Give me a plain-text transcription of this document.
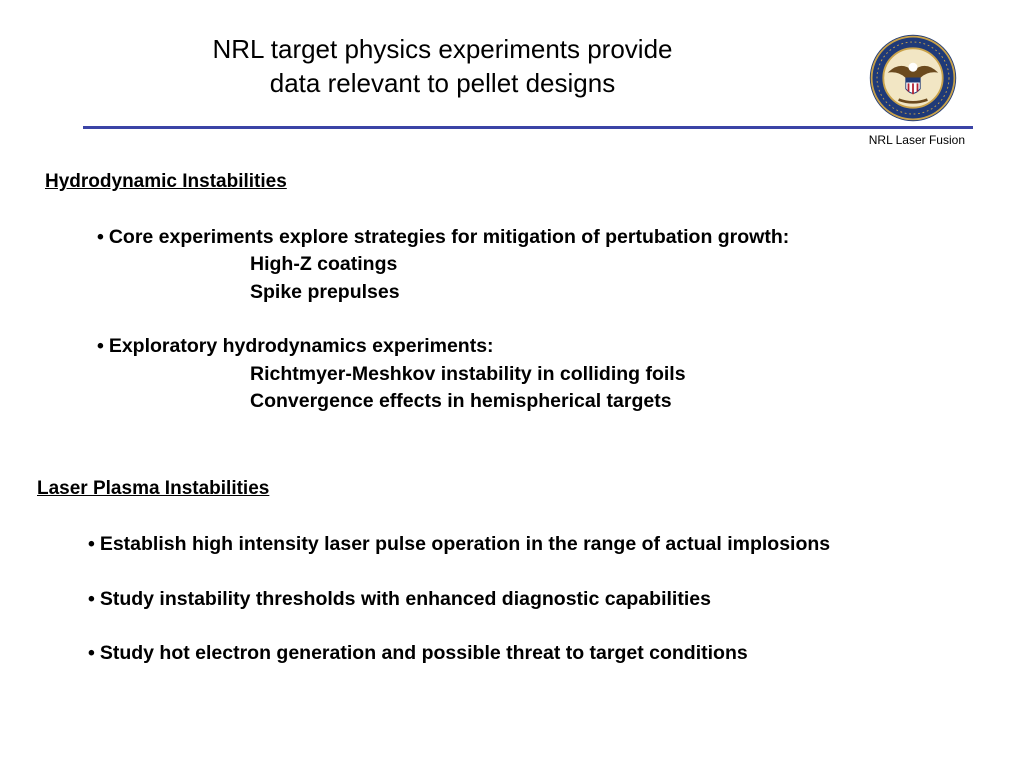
NRL target physics experiments provide
data relevant to pellet designs
NRL Laser Fusion
Hydrodynamic Instabilities
• Core experiments explore strategies for mitigation of pertubation growth:
High-Z coatings
Spike prepulses
• Exploratory hydrodynamics experiments:
Richtmyer-Meshkov instability in colliding foils
Convergence effects in hemispherical targets
Laser Plasma Instabilities
• Establish high intensity laser pulse operation in the range of actual implosions
• Study instability thresholds with enhanced diagnostic capabilities
• Study hot electron generation and possible threat to target conditions
